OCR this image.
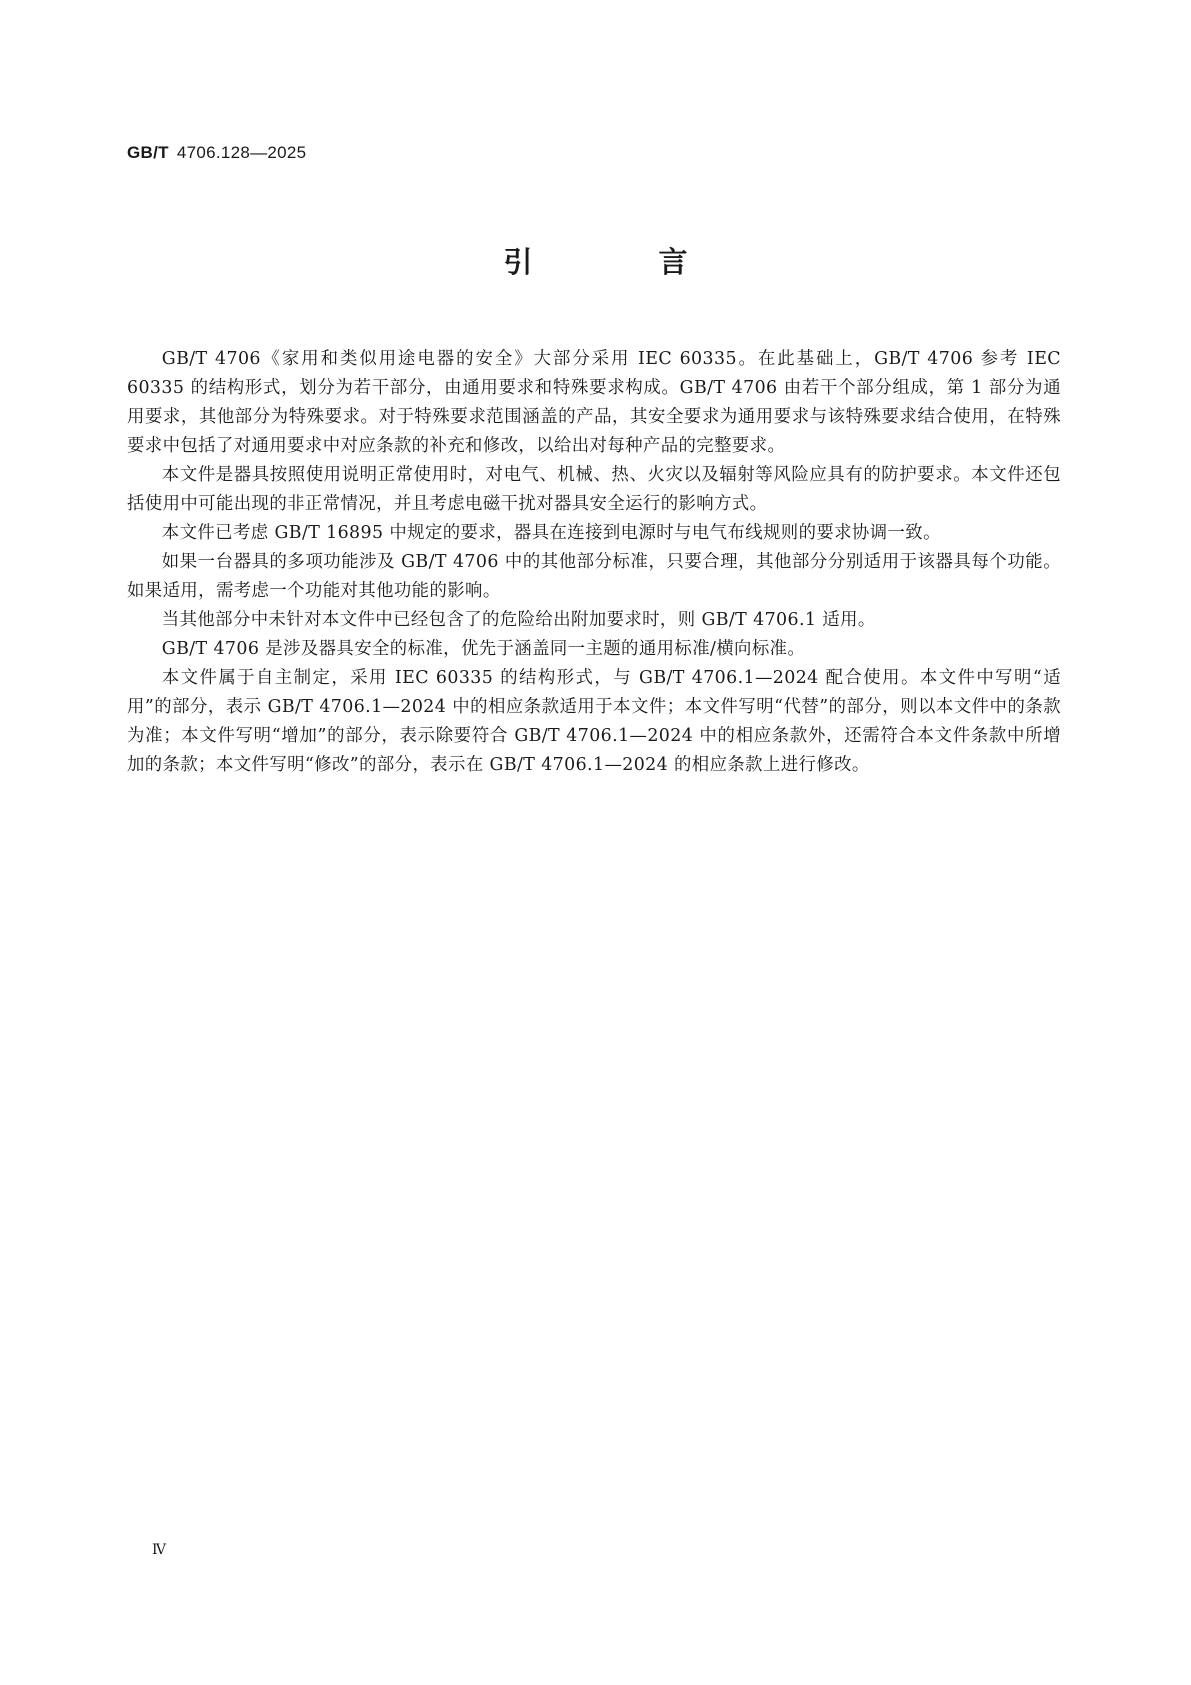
GB/T 4706.128—2025
引 言

GB/T 4706《家用和类似用途电器的安全》大部分采用 IEC 60335。在此基础上，GB/T 4706 参考 IEC 60335 的结构形式，划分为若干部分，由通用要求和特殊要求构成。GB/T 4706 由若干个部分组成，第 1 部分为通用要求，其他部分为特殊要求。对于特殊要求范围涵盖的产品，其安全要求为通用要求与该特殊要求结合使用，在特殊要求中包括了对通用要求中对应条款的补充和修改，以给出对每种产品的完整要求。

本文件是器具按照使用说明正常使用时，对电气、机械、热、火灾以及辐射等风险应具有的防护要求。本文件还包括使用中可能出现的非正常情况，并且考虑电磁干扰对器具安全运行的影响方式。

本文件已考虑 GB/T 16895 中规定的要求，器具在连接到电源时与电气布线规则的要求协调一致。

如果一台器具的多项功能涉及 GB/T 4706 中的其他部分标准，只要合理，其他部分分别适用于该器具每个功能。如果适用，需考虑一个功能对其他功能的影响。

当其他部分中未针对本文件中已经包含了的危险给出附加要求时，则 GB/T 4706.1 适用。

GB/T 4706 是涉及器具安全的标准，优先于涵盖同一主题的通用标准/横向标准。

本文件属于自主制定，采用 IEC 60335 的结构形式，与 GB/T 4706.1—2024 配合使用。本文件中写明“适用”的部分，表示 GB/T 4706.1—2024 中的相应条款适用于本文件；本文件写明“代替”的部分，则以本文件中的条款为准；本文件写明“增加”的部分，表示除要符合 GB/T 4706.1—2024 中的相应条款外，还需符合本文件条款中所增加的条款；本文件写明“修改”的部分，表示在 GB/T 4706.1—2024 的相应条款上进行修改。

Ⅳ
